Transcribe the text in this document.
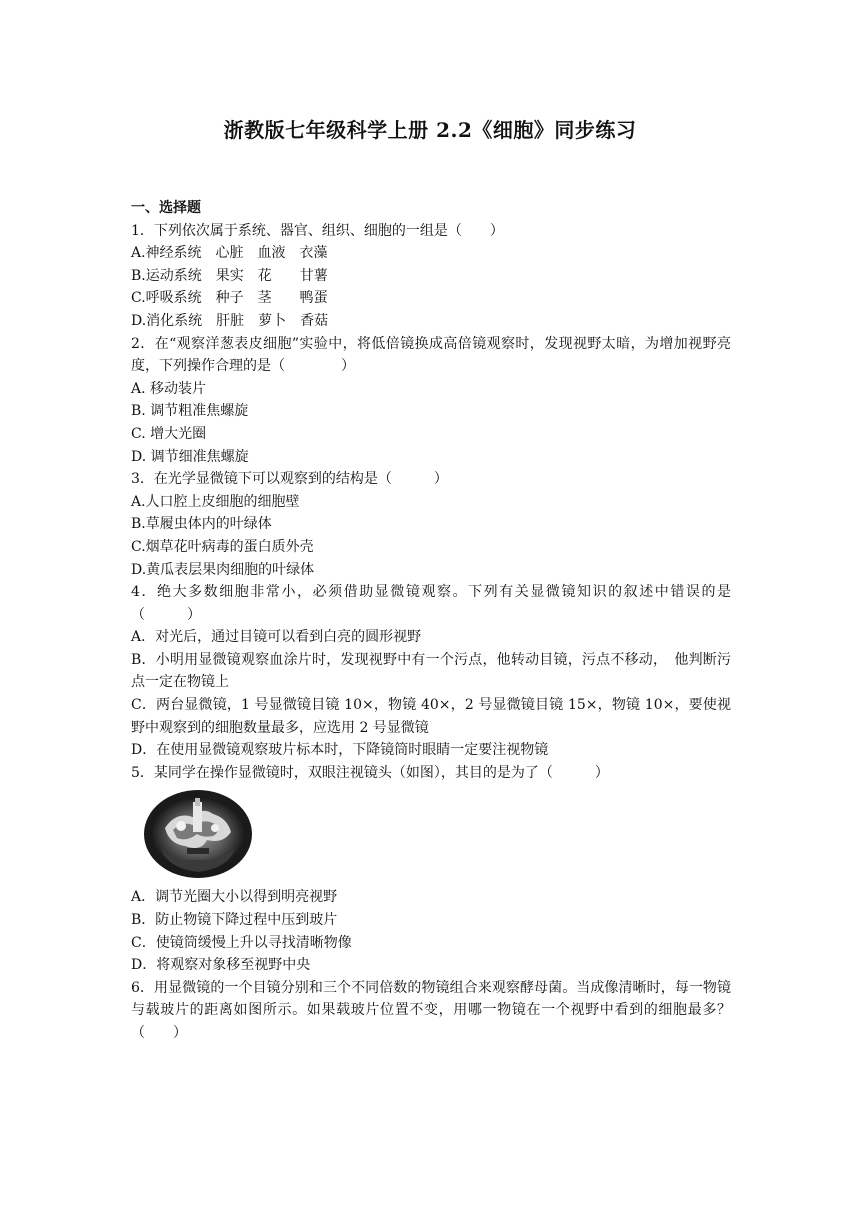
浙教版七年级科学上册 2.2《细胞》同步练习

一、选择题

1．下列依次属于系统、器官、组织、细胞的一组是（　　）

A.神经系统　心脏　血液　衣藻

B.运动系统　果实　花　　甘薯

C.呼吸系统　种子　茎　　鸭蛋

D.消化系统　肝脏　萝卜　香菇

2．在“观察洋葱表皮细胞”实验中，将低倍镜换成高倍镜观察时，发现视野太暗，为增加视野亮度，下列操作合理的是（　　　　）

A. 移动装片

B. 调节粗准焦螺旋

C. 增大光圈

D. 调节细准焦螺旋

3．在光学显微镜下可以观察到的结构是（　　　）

A.人口腔上皮细胞的细胞壁

B.草履虫体内的叶绿体

C.烟草花叶病毒的蛋白质外壳

D.黄瓜表层果肉细胞的叶绿体

4．绝大多数细胞非常小，必须借助显微镜观察。下列有关显微镜知识的叙述中错误的是（　　　）

A．对光后，通过目镜可以看到白亮的圆形视野

B．小明用显微镜观察血涂片时，发现视野中有一个污点，他转动目镜，污点不移动，　他判断污点一定在物镜上

C．两台显微镜，1 号显微镜目镜 10×，物镜 40×，2 号显微镜目镜 15×，物镜 10×，要使视野中观察到的细胞数量最多，应选用 2 号显微镜

D．在使用显微镜观察玻片标本时，下降镜筒时眼睛一定要注视物镜

5．某同学在操作显微镜时，双眼注视镜头（如图），其目的是为了（　　　）

A．调节光圈大小以得到明亮视野

B．防止物镜下降过程中压到玻片

C．使镜筒缓慢上升以寻找清晰物像

D．将观察对象移至视野中央

6．用显微镜的一个目镜分别和三个不同倍数的物镜组合来观察酵母菌。当成像清晰时，每一物镜与载玻片的距离如图所示。如果载玻片位置不变，用哪一物镜在一个视野中看到的细胞最多？（　　）
